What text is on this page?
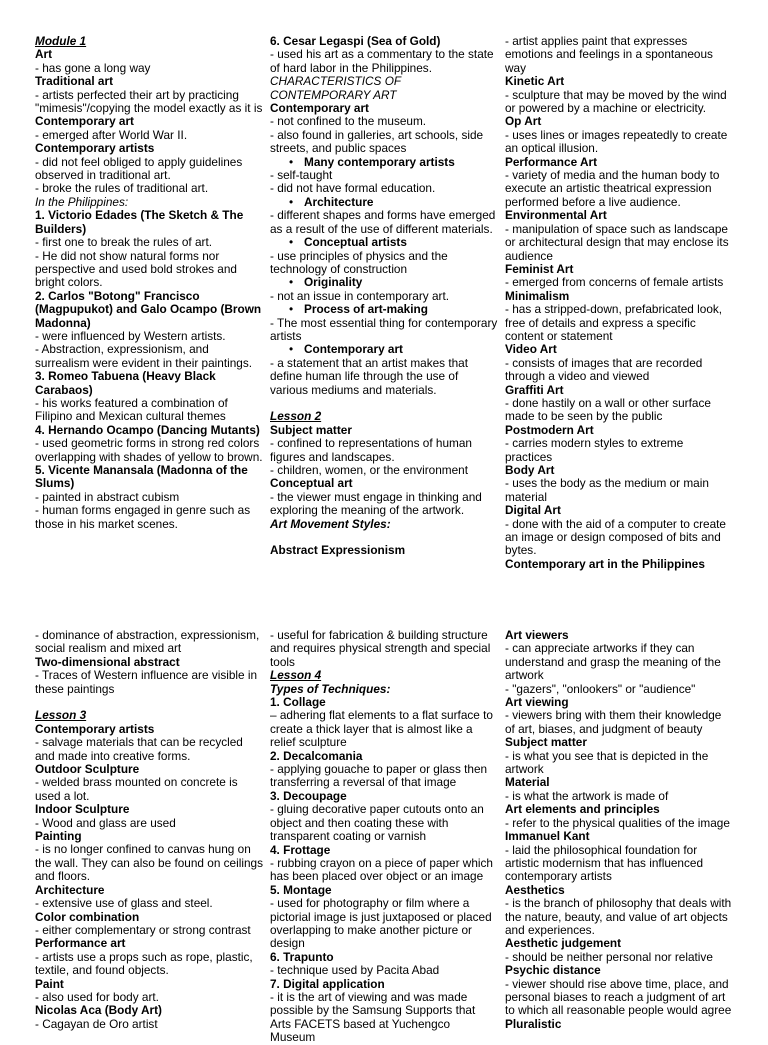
Module 1

Art

- has gone a long way

Traditional art

- artists perfected their art by practicing "mimesis"/copying the model exactly as it is

Contemporary art

- emerged after World War II.

Contemporary artists

- did not feel obliged to apply guidelines observed in traditional art.

- broke the rules of traditional art.

In the Philippines:

1. Victorio Edades (The Sketch & The Builders)

- first one to break the rules of art.

- He did not show natural forms nor perspective and used bold strokes and bright colors.

2. Carlos "Botong" Francisco (Magpupukot) and Galo Ocampo (Brown Madonna)

- were influenced by Western artists.

- Abstraction, expressionism, and surrealism were evident in their paintings.

3. Romeo Tabuena (Heavy Black Carabaos)

- his works featured a combination of Filipino and Mexican cultural themes

4. Hernando Ocampo (Dancing Mutants)

- used geometric forms in strong red colors overlapping with shades of yellow to brown.

5. Vicente Manansala (Madonna of the Slums)

- painted in abstract cubism

- human forms engaged in genre such as those in his market scenes.

6. Cesar Legaspi (Sea of Gold)

- used his art as a commentary to the state of hard labor in the Philippines.

CHARACTERISTICS OF CONTEMPORARY ART

Contemporary art

- not confined to the museum.

- also found in galleries, art schools, side streets, and public spaces

• Many contemporary artists

- self-taught

- did not have formal education.

• Architecture

- different shapes and forms have emerged as a result of the use of different materials.

• Conceptual artists

- use principles of physics and the technology of construction

• Originality

- not an issue in contemporary art.

• Process of art-making

- The most essential thing for contemporary artists

• Contemporary art

- a statement that an artist makes that define human life through the use of various mediums and materials.

Lesson 2

Subject matter

- confined to representations of human figures and landscapes.

- children, women, or the environment

Conceptual art

- the viewer must engage in thinking and exploring the meaning of the artwork.

Art Movement Styles:

Abstract Expressionism

- artist applies paint that expresses emotions and feelings in a spontaneous way

Kinetic Art

- sculpture that may be moved by the wind or powered by a machine or electricity.

Op Art

- uses lines or images repeatedly to create an optical illusion.

Performance Art

- variety of media and the human body to execute an artistic theatrical expression performed before a live audience.

Environmental Art

- manipulation of space such as landscape or architectural design that may enclose its audience

Feminist Art

- emerged from concerns of female artists

Minimalism

- has a stripped-down, prefabricated look, free of details and express a specific content or statement

Video Art

- consists of images that are recorded through a video and viewed

Graffiti Art

- done hastily on a wall or other surface made to be seen by the public

Postmodern Art

- carries modern styles to extreme practices

Body Art

- uses the body as the medium or main material

Digital Art

- done with the aid of a computer to create an image or design composed of bits and bytes.

Contemporary art in the Philippines

- dominance of abstraction, expressionism, social realism and mixed art

Two-dimensional abstract

- Traces of Western influence are visible in these paintings

Lesson 3

Contemporary artists

- salvage materials that can be recycled and made into creative forms.

Outdoor Sculpture

- welded brass mounted on concrete is used a lot.

Indoor Sculpture

- Wood and glass are used

Painting

- is no longer confined to canvas hung on the wall. They can also be found on ceilings and floors.

Architecture

- extensive use of glass and steel.

Color combination

- either complementary or strong contrast

Performance art

- artists use a props such as rope, plastic, textile, and found objects.

Paint

- also used for body art.

Nicolas Aca (Body Art)

- Cagayan de Oro artist

- useful for fabrication & building structure and requires physical strength and special tools

Lesson 4

Types of Techniques:

1. Collage

– adhering flat elements to a flat surface to create a thick layer that is almost like a relief sculpture

2. Decalcomania

- applying gouache to paper or glass then transferring a reversal of that image

3. Decoupage

- gluing decorative paper cutouts onto an object and then coating these with transparent coating or varnish

4. Frottage

- rubbing crayon on a piece of paper which has been placed over object or an image

5. Montage

- used for photography or film where a pictorial image is just juxtaposed or placed overlapping to make another picture or design

6. Trapunto

- technique used by Pacita Abad

7. Digital application

- it is the art of viewing and was made possible by the Samsung Supports that Arts FACETS based at Yuchengco Museum

Art viewers

- can appreciate artworks if they can understand and grasp the meaning of the artwork

- "gazers", "onlookers" or "audience"

Art viewing

- viewers bring with them their knowledge of art, biases, and judgment of beauty

Subject matter

- is what you see that is depicted in the artwork

Material

- is what the artwork is made of

Art elements and principles

- refer to the physical qualities of the image

Immanuel Kant

- laid the philosophical foundation for artistic modernism that has influenced contemporary artists

Aesthetics

- is the branch of philosophy that deals with the nature, beauty, and value of art objects and experiences.

Aesthetic judgement

- should be neither personal nor relative

Psychic distance

- viewer should rise above time, place, and personal biases to reach a judgment of art to which all reasonable people would agree

Pluralistic
